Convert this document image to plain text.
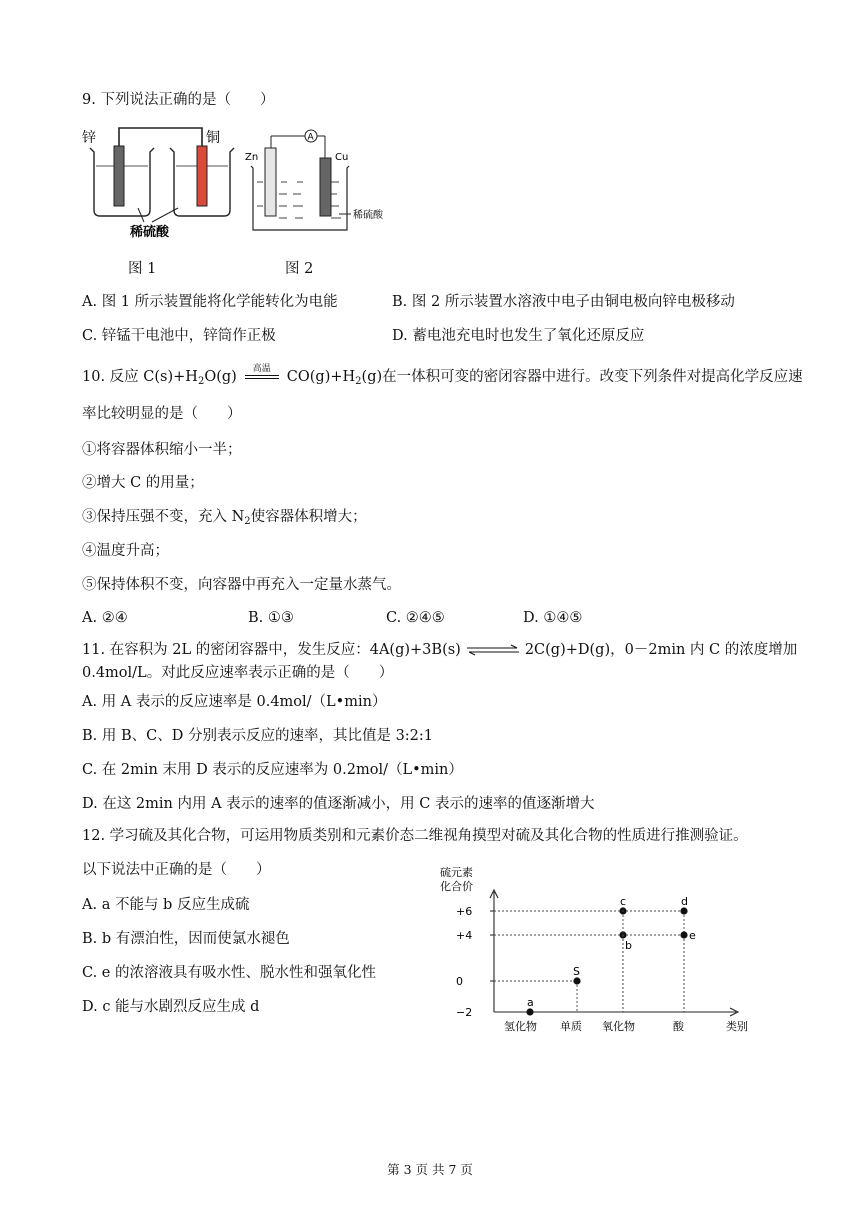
9. 下列说法正确的是（　　）
锌	铜
稀硫酸
A
Zn	Cu
稀硫酸
图 1	图 2
A. 图 1 所示装置能将化学能转化为电能	B. 图 2 所示装置水溶液中电子由铜电极向锌电极移动
C. 锌锰干电池中，锌筒作正极	D. 蓄电池充电时也发生了氧化还原反应
10. 反应 $C(s)+H_2O(g)$	高温	$CO(g)+H_2(g)$在一体积可变的密闭容器中进行。改变下列条件对提高化学反应速
率比较明显的是（　　）
①将容器体积缩小一半；
②增大 C 的用量；
③保持压强不变，充入 $N_2$使容器体积增大；
④温度升高；
⑤保持体积不变，向容器中再充入一定量水蒸气。
A. ②④	B. ①③	C. ②④⑤	D. ①④⑤
11. 在容积为 2L 的密闭容器中，发生反应：4A(g)+3B(s) ⇌ 2C(g)+D(g)，0－2min 内 C 的浓度增加
0.4mol/L。对此反应速率表示正确的是（　　）
A. 用 A 表示的反应速率是 0.4mol/（L•min）
B. 用 B、C、D 分别表示反应的速率，其比值是 3:2:1
C. 在 2min 末用 D 表示的反应速率为 0.2mol/（L•min）
D. 在这 2min 内用 A 表示的速率的值逐渐减小，用 C 表示的速率的值逐渐增大
12. 学习硫及其化合物，可运用物质类别和元素价态二维视角摸型对硫及其化合物的性质进行推测验证。
以下说法中正确的是（　　）
A. a 不能与 b 反应生成硫
B. b 有漂泊性，因而使氯水褪色
C. e 的浓溶液具有吸水性、脱水性和强氧化性
D. c 能与水剧烈反应生成 d
硫元素
化合价
类别
+6
+4
0
−2
氢化物 单质 氧化物	酸
a
S
b
c	d
e
第 3 页 共 7 页
